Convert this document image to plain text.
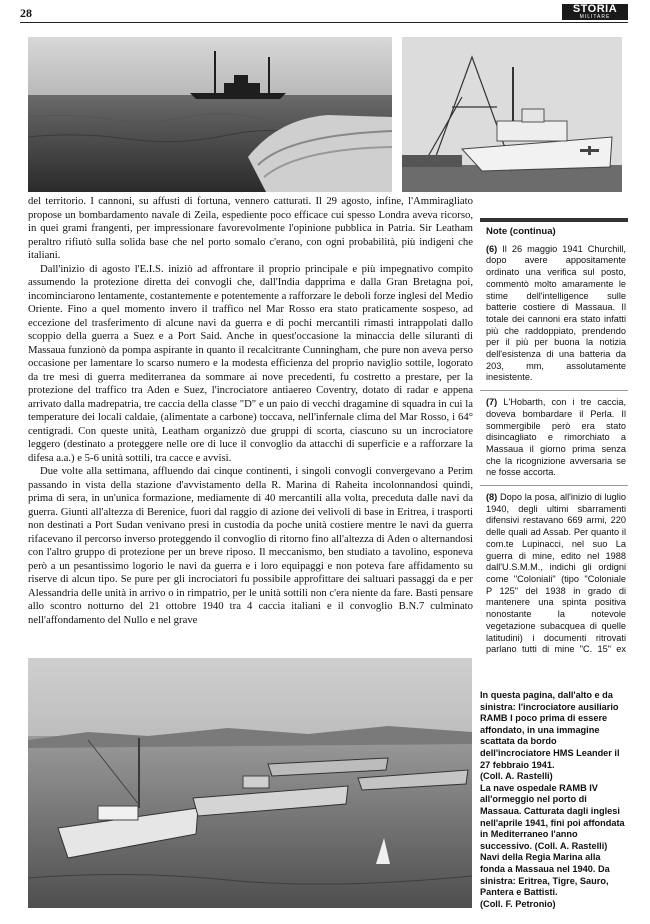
28	STORIA
MILITARE

del territorio. I cannoni, su affusti di fortuna, vennero catturati. Il 29 agosto, infine, l'Ammiragliato propose un bombardamento navale di Zeila, espediente poco efficace cui spesso Londra aveva ricorso, in quei grami frangenti, per impressionare favorevolmente l'opinione pubblica in Patria. Sir Leatham peraltro rifiutò sulla solida base che nel porto somalo c'erano, con ogni probabilità, più indigeni che italiani.

Dall'inizio di agosto l'E.I.S. iniziò ad affrontare il proprio principale e più impegnativo compito assumendo la protezione diretta dei convogli che, dall'India dapprima e dalla Gran Bretagna poi, incominciarono lentamente, costantemente e potentemente a rafforzare le deboli forze inglesi del Medio Oriente. Fino a quel momento invero il traffico nel Mar Rosso era stato praticamente sospeso, ad eccezione del trasferimento di alcune navi da guerra e di pochi mercantili rimasti intrappolati dallo scoppio della guerra a Suez e a Port Said. Anche in quest'occasione la minaccia delle siluranti di Massaua funzionò da pompa aspirante in quanto il recalcitrante Cunningham, che pure non aveva perso occasione per lamentare lo scarso numero e la modesta efficienza del proprio naviglio sottile, logorato da tre mesi di guerra mediterranea da sommare ai nove precedenti, fu costretto a prestare, per la protezione del traffico tra Aden e Suez, l'incrociatore antiaereo Coventry, dotato di radar e appena arrivato dalla madrepatria, tre caccia della classe "D" e un paio di vecchi dragamine di squadra in cui la temperature dei locali caldaie, (alimentate a carbone) toccava, nell'infernale clima del Mar Rosso, i 64° centigradi. Con queste unità, Leatham organizzò due gruppi di scorta, ciascuno su un incrociatore leggero (destinato a proteggere nelle ore di luce il convoglio da attacchi di superficie e a rafforzare la difesa a.a.) e 5-6 unità sottili, tra cacce e avvisi.

Due volte alla settimana, affluendo dai cinque continenti, i singoli convogli convergevano a Perim passando in vista della stazione d'avvistamento della R. Marina di Raheita incolonnandosi quindi, prima di sera, in un'unica formazione, mediamente di 40 mercantili alla volta, preceduta dalle navi da guerra. Giunti all'altezza di Berenice, fuori dal raggio di azione dei velivoli di base in Eritrea, i trasporti non destinati a Port Sudan venivano presi in custodia da poche unità costiere mentre le navi da guerra rifacevano il percorso inverso proteggendo il convoglio di ritorno fino all'altezza di Aden o alternandosi con l'altro gruppo di protezione per un breve riposo. Il meccanismo, ben studiato a tavolino, esponeva però a un pesantissimo logorio le navi da guerra e i loro equipaggi e non poteva fare affidamento su riserve di alcun tipo. Se pure per gli incrociatori fu possibile approfittare dei saltuari passaggi da e per Alessandria delle unità in arrivo o in rimpatrio, per le unità sottili non c'era niente da fare. Basti pensare allo scontro notturno del 21 ottobre 1940 tra 4 caccia italiani e il convoglio B.N.7 culminato nell'affondamento del Nullo e nel grave

Note (continua)

(6) Il 26 maggio 1941 Churchill, dopo avere appositamente ordinato una verifica sul posto, commentò molto amaramente le stime dell'intelligence sulle batterie costiere di Massaua. Il totale dei cannoni era stato infatti più che raddoppiato, prendendo per il più per buona la notizia dell'esistenza di una batteria da 203, mm, assolutamente inesistente.

(7) L'Hobarth, con i tre caccia, doveva bombardare il Perla. Il sommergibile però era stato disincagliato e rimorchiato a Massaua il giorno prima senza che la ricognizione avversaria se ne fosse accorta.

(8) Dopo la posa, all'inizio di luglio 1940, degli ultimi sbarramenti difensivi restavano 669 armi, 220 delle quali ad Assab. Per quanto il com.te Lupinacci, nel suo La guerra di mine, edito nel 1988 dall'U.S.M.M., indichi gli ordigni come "Coloniali" (tipo "Coloniale P 125" del 1938 in grado di mantenere una spinta positiva nonostante la notevole vegetazione subacquea di quelle latitudini) i documenti ritrovati parlano tutti di mine "C. 15" ex

In questa pagina, dall'alto e da sinistra: l'incrociatore ausiliario RAMB I poco prima di essere affondato, in una immagine scattata da bordo dell'incrociatore HMS Leander il 27 febbraio 1941.

(Coll. A. Rastelli)

La nave ospedale RAMB IV all'ormeggio nel porto di Massaua. Catturata dagli inglesi nell'aprile 1941, fini poi affondata in Mediterraneo l'anno successivo. (Coll. A. Rastelli)

Navi della Regia Marina alla fonda a Massaua nel 1940. Da sinistra: Eritrea, Tigre, Sauro, Pantera e Battisti.

(Coll. F. Petronio)
